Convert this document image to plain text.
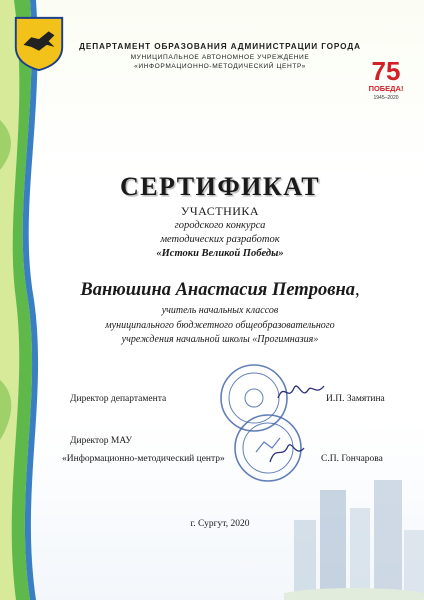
ДЕПАРТАМЕНТ ОБРАЗОВАНИЯ АДМИНИСТРАЦИИ ГОРОДА
МУНИЦИПАЛЬНОЕ АВТОНОМНОЕ УЧРЕЖДЕНИЕ
«ИНФОРМАЦИОННО-МЕТОДИЧЕСКИЙ ЦЕНТР»	75
ПОБЕДА!
1945–2020
СЕРТИФИКАТ
УЧАСТНИКА
городского конкурса
методических разработок
«Истоки Великой Победы»
Ванюшина Анастасия Петровна,
учитель начальных классов
муниципального бюджетного общеобразовательного
учреждения начальной школы «Прогимназия»
Директор департамента	И.П. Замятина
Директор МАУ
«Информационно-методический центр»	С.П. Гончарова
г. Сургут, 2020
